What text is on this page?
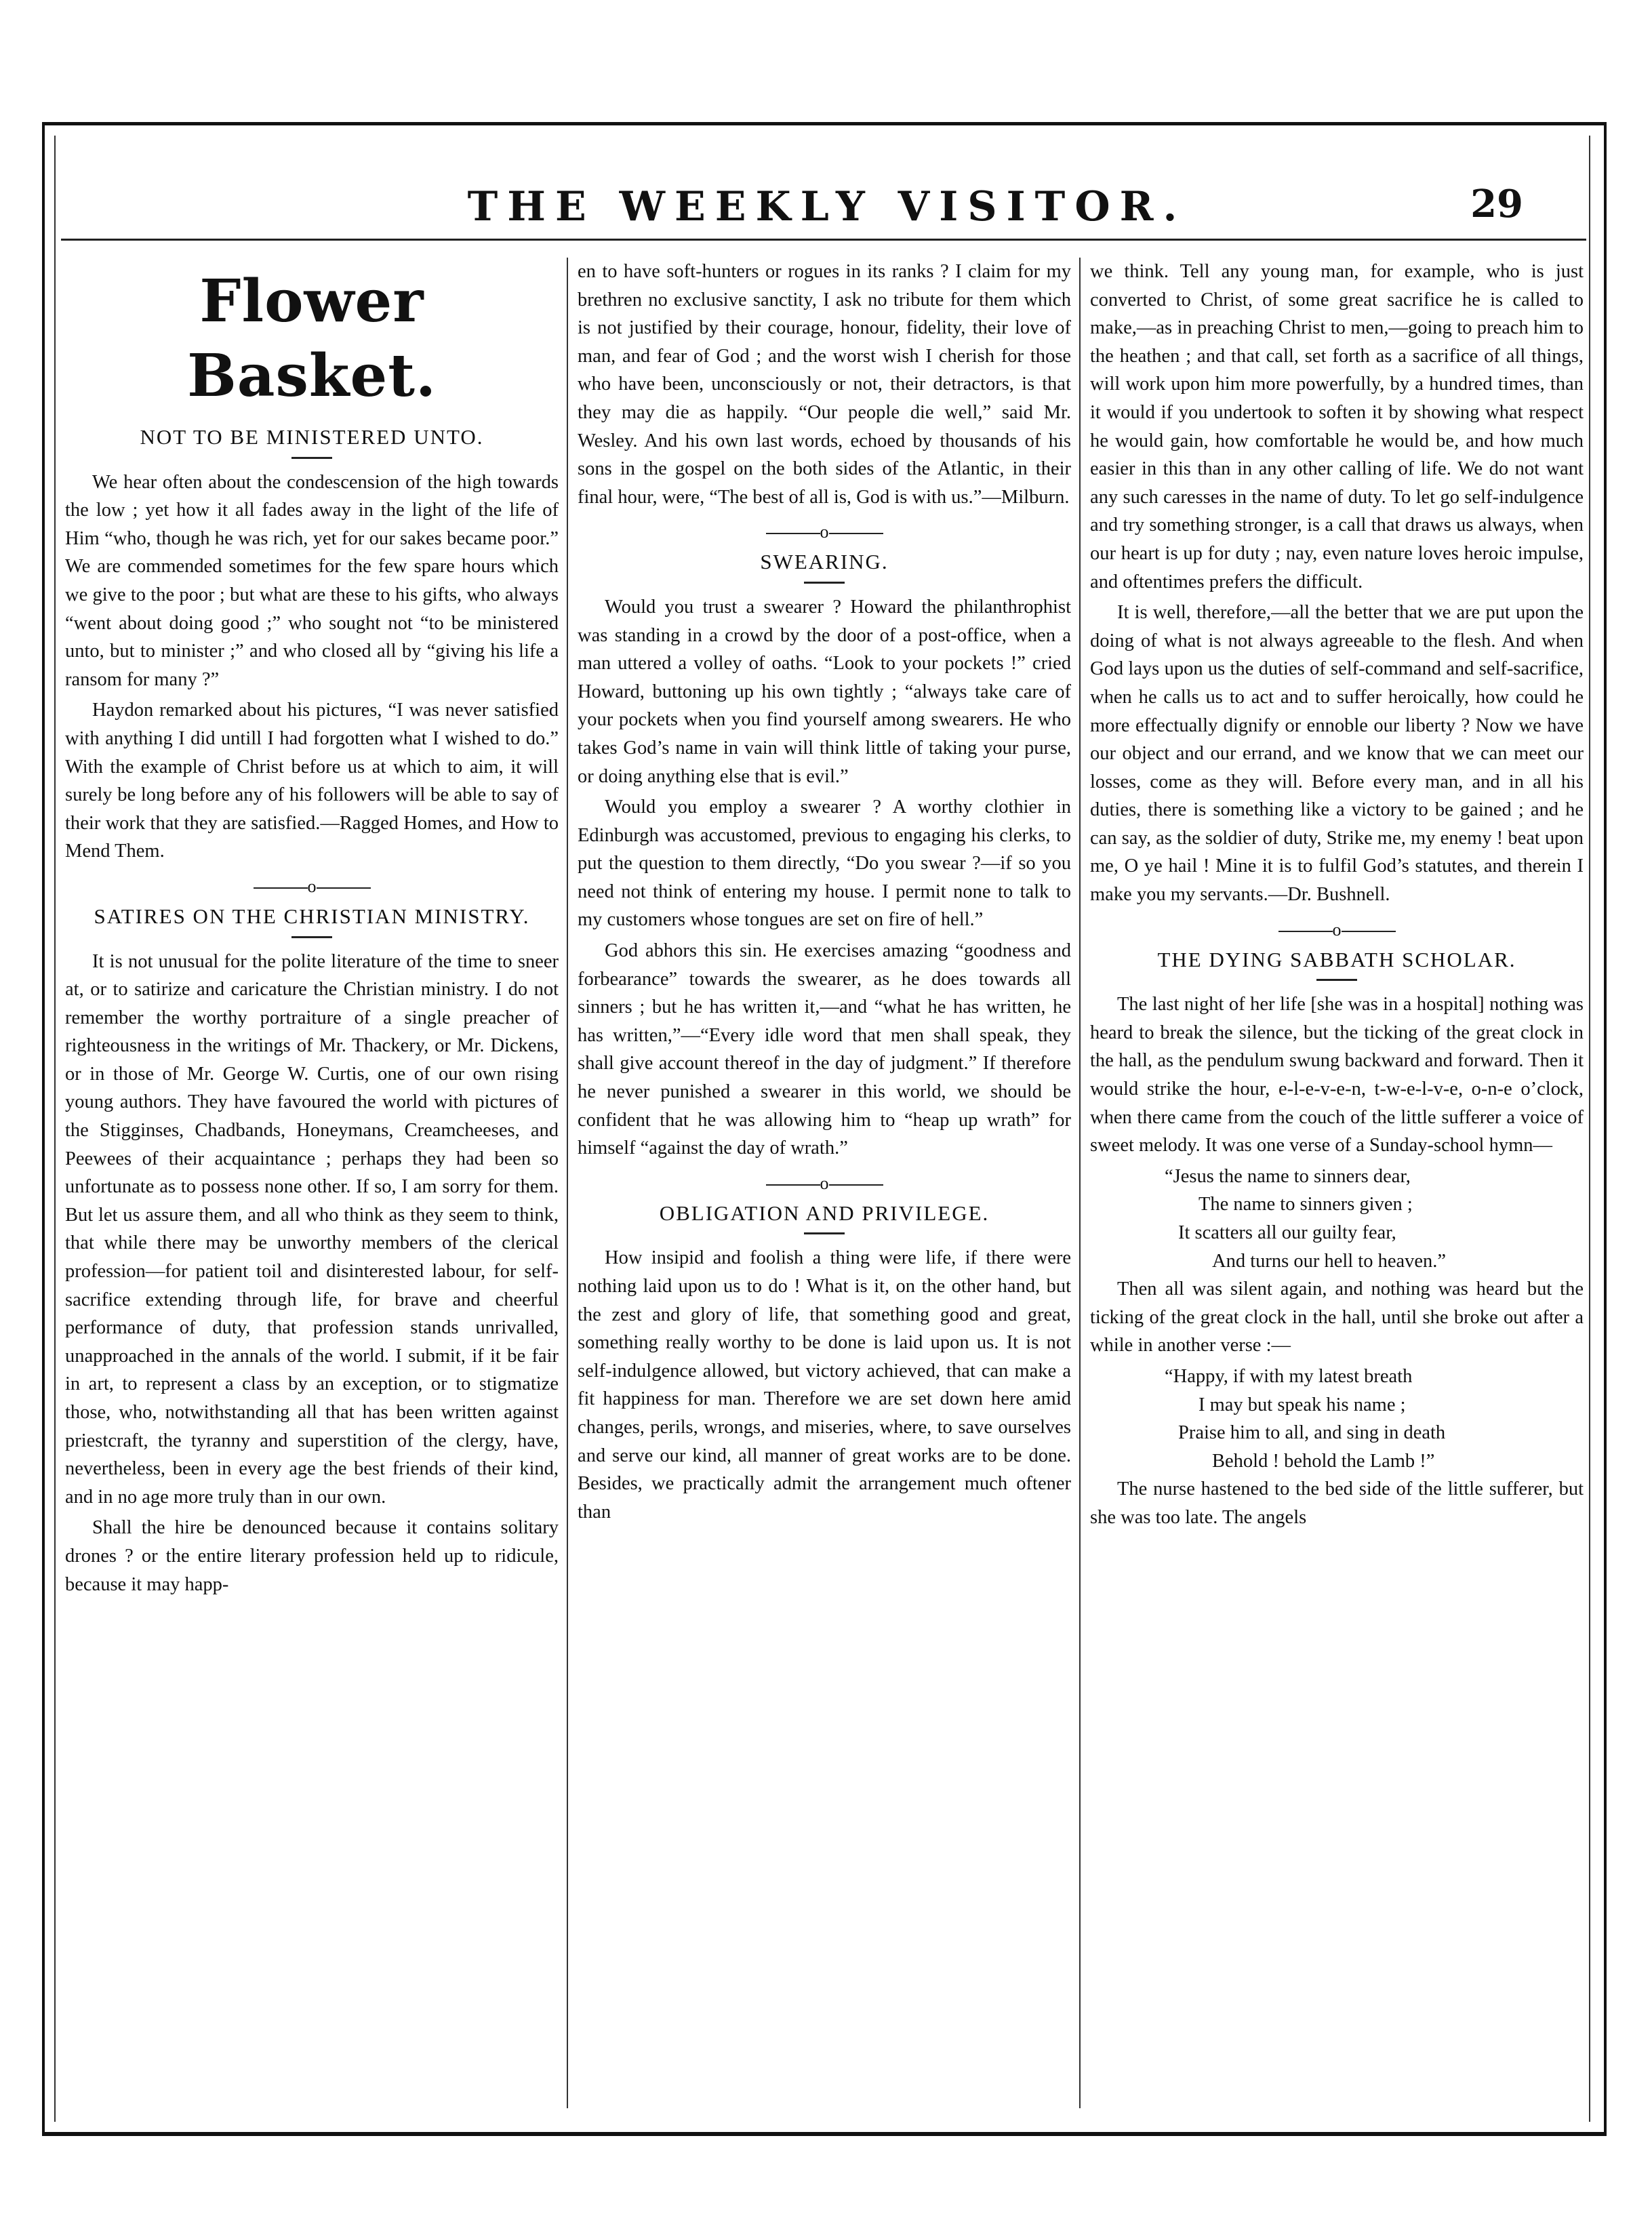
THE WEEKLY VISITOR.	29
Flower Basket.
NOT TO BE MINISTERED UNTO.

We hear often about the condescension of the high towards the low ; yet how it all fades away in the light of the life of Him “who, though he was rich, yet for our sakes became poor.” We are commended sometimes for the few spare hours which we give to the poor ; but what are these to his gifts, who always “went about doing good ;” who sought not “to be ministered unto, but to minister ;” and who closed all by “giving his life a ransom for many ?”

Haydon remarked about his pictures, “I was never satisfied with anything I did untill I had forgotten what I wished to do.” With the example of Christ before us at which to aim, it will surely be long before any of his followers will be able to say of their work that they are satisfied.—Ragged Homes, and How to Mend Them.

o
SATIRES ON THE CHRISTIAN MINISTRY.

It is not unusual for the polite literature of the time to sneer at, or to satirize and caricature the Christian ministry. I do not remember the worthy portraiture of a single preacher of righteousness in the writings of Mr. Thackery, or Mr. Dickens, or in those of Mr. George W. Curtis, one of our own rising young authors. They have favoured the world with pictures of the Stigginses, Chadbands, Honeymans, Creamcheeses, and Peewees of their acquaintance ; perhaps they had been so unfortunate as to possess none other. If so, I am sorry for them. But let us assure them, and all who think as they seem to think, that while there may be unworthy members of the clerical profession—for patient toil and disinterested labour, for self-sacrifice extending through life, for brave and cheerful performance of duty, that profession stands unrivalled, unapproached in the annals of the world. I submit, if it be fair in art, to represent a class by an exception, or to stigmatize those, who, notwithstanding all that has been written against priestcraft, the tyranny and superstition of the clergy, have, nevertheless, been in every age the best friends of their kind, and in no age more truly than in our own.

Shall the hire be denounced because it contains solitary drones ? or the entire literary profession held up to ridicule, because it may happ-

en to have soft-hunters or rogues in its ranks ? I claim for my brethren no exclusive sanctity, I ask no tribute for them which is not justified by their courage, honour, fidelity, their love of man, and fear of God ; and the worst wish I cherish for those who have been, unconsciously or not, their detractors, is that they may die as happily. “Our people die well,” said Mr. Wesley. And his own last words, echoed by thousands of his sons in the gospel on the both sides of the Atlantic, in their final hour, were, “The best of all is, God is with us.”—Milburn.

o
SWEARING.

Would you trust a swearer ? Howard the philanthrophist was standing in a crowd by the door of a post-office, when a man uttered a volley of oaths. “Look to your pockets !” cried Howard, buttoning up his own tightly ; “always take care of your pockets when you find yourself among swearers. He who takes God’s name in vain will think little of taking your purse, or doing anything else that is evil.”

Would you employ a swearer ? A worthy clothier in Edinburgh was accustomed, previous to engaging his clerks, to put the question to them directly, “Do you swear ?—if so you need not think of entering my house. I permit none to talk to my customers whose tongues are set on fire of hell.”

God abhors this sin. He exercises amazing “goodness and forbearance” towards the swearer, as he does towards all sinners ; but he has written it,—and “what he has written, he has written,”—“Every idle word that men shall speak, they shall give account thereof in the day of judgment.” If therefore he never punished a swearer in this world, we should be confident that he was allowing him to “heap up wrath” for himself “against the day of wrath.”

o
OBLIGATION AND PRIVILEGE.

How insipid and foolish a thing were life, if there were nothing laid upon us to do ! What is it, on the other hand, but the zest and glory of life, that something good and great, something really worthy to be done is laid upon us. It is not self-indulgence allowed, but victory achieved, that can make a fit happiness for man. Therefore we are set down here amid changes, perils, wrongs, and miseries, where, to save ourselves and serve our kind, all manner of great works are to be done. Besides, we practically admit the arrangement much oftener than

we think. Tell any young man, for example, who is just converted to Christ, of some great sacrifice he is called to make,—as in preaching Christ to men,—going to preach him to the heathen ; and that call, set forth as a sacrifice of all things, will work upon him more powerfully, by a hundred times, than it would if you undertook to soften it by showing what respect he would gain, how comfortable he would be, and how much easier in this than in any other calling of life. We do not want any such caresses in the name of duty. To let go self-indulgence and try something stronger, is a call that draws us always, when our heart is up for duty ; nay, even nature loves heroic impulse, and oftentimes prefers the difficult.

It is well, therefore,—all the better that we are put upon the doing of what is not always agreeable to the flesh. And when God lays upon us the duties of self-command and self-sacrifice, when he calls us to act and to suffer heroically, how could he more effectually dignify or ennoble our liberty ? Now we have our object and our errand, and we know that we can meet our losses, come as they will. Before every man, and in all his duties, there is something like a victory to be gained ; and he can say, as the soldier of duty, Strike me, my enemy ! beat upon me, O ye hail ! Mine it is to fulfil God’s statutes, and therein I make you my servants.—Dr. Bushnell.

o
THE DYING SABBATH SCHOLAR.

The last night of her life [she was in a hospital] nothing was heard to break the silence, but the ticking of the great clock in the hall, as the pendulum swung backward and forward. Then it would strike the hour, e-l-e-v-e-n, t-w-e-l-v-e, o-n-e o’clock, when there came from the couch of the little sufferer a voice of sweet melody. It was one verse of a Sunday-school hymn—

“Jesus the name to sinners dear,

The name to sinners given ;

It scatters all our guilty fear,

And turns our hell to heaven.”

Then all was silent again, and nothing was heard but the ticking of the great clock in the hall, until she broke out after a while in another verse :—

“Happy, if with my latest breath

I may but speak his name ;

Praise him to all, and sing in death

Behold ! behold the Lamb !”

The nurse hastened to the bed side of the little sufferer, but she was too late. The angels
